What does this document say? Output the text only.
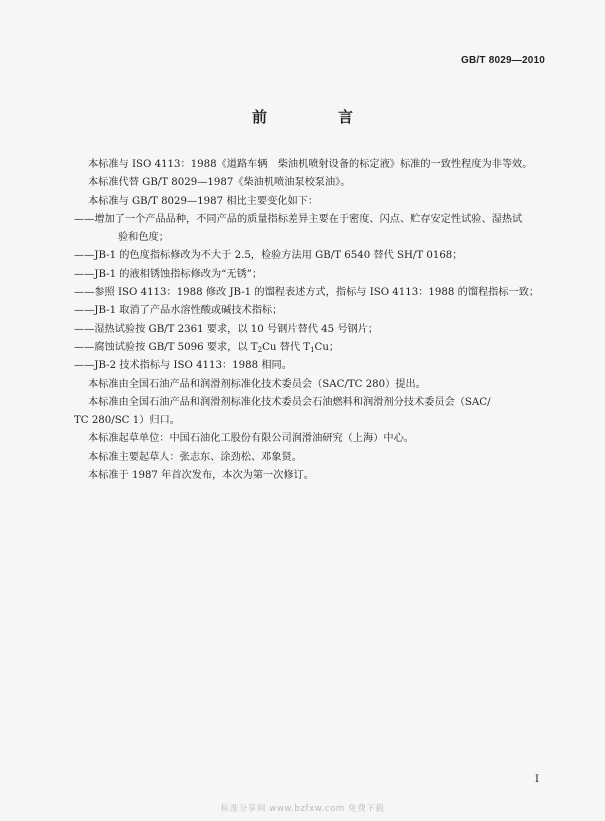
GB/T 8029—2010
前　言

本标准与 ISO 4113：1988《道路车辆　柴油机喷射设备的标定液》标准的一致性程度为非等效。

本标准代替 GB/T 8029—1987《柴油机喷油泵校泵油》。

本标准与 GB/T 8029—1987 相比主要变化如下：

——增加了一个产品品种，不同产品的质量指标差异主要在于密度、闪点、贮存安定性试验、湿热试

验和色度；

——JB-1 的色度指标修改为不大于 2.5，检验方法用 GB/T 6540 替代 SH/T 0168；

——JB-1 的液相锈蚀指标修改为“无锈”；

——参照 ISO 4113：1988 修改 JB-1 的馏程表述方式，指标与 ISO 4113：1988 的馏程指标一致；

——JB-1 取消了产品水溶性酸或碱技术指标；

——湿热试验按 GB/T 2361 要求，以 10 号钢片替代 45 号钢片；

——腐蚀试验按 GB/T 5096 要求，以 $T_2Cu$ 替代 $T_1Cu$；

——JB-2 技术指标与 ISO 4113：1988 相同。

本标准由全国石油产品和润滑剂标准化技术委员会（SAC/TC 280）提出。

本标准由全国石油产品和润滑剂标准化技术委员会石油燃料和润滑剂分技术委员会（SAC/

TC 280/SC 1）归口。

本标准起草单位：中国石油化工股份有限公司润滑油研究（上海）中心。

本标准主要起草人：张志东、涂劲松、邓象贤。

本标准于 1987 年首次发布，本次为第一次修订。

I
标准分享网 www.bzfxw.com 免费下载
